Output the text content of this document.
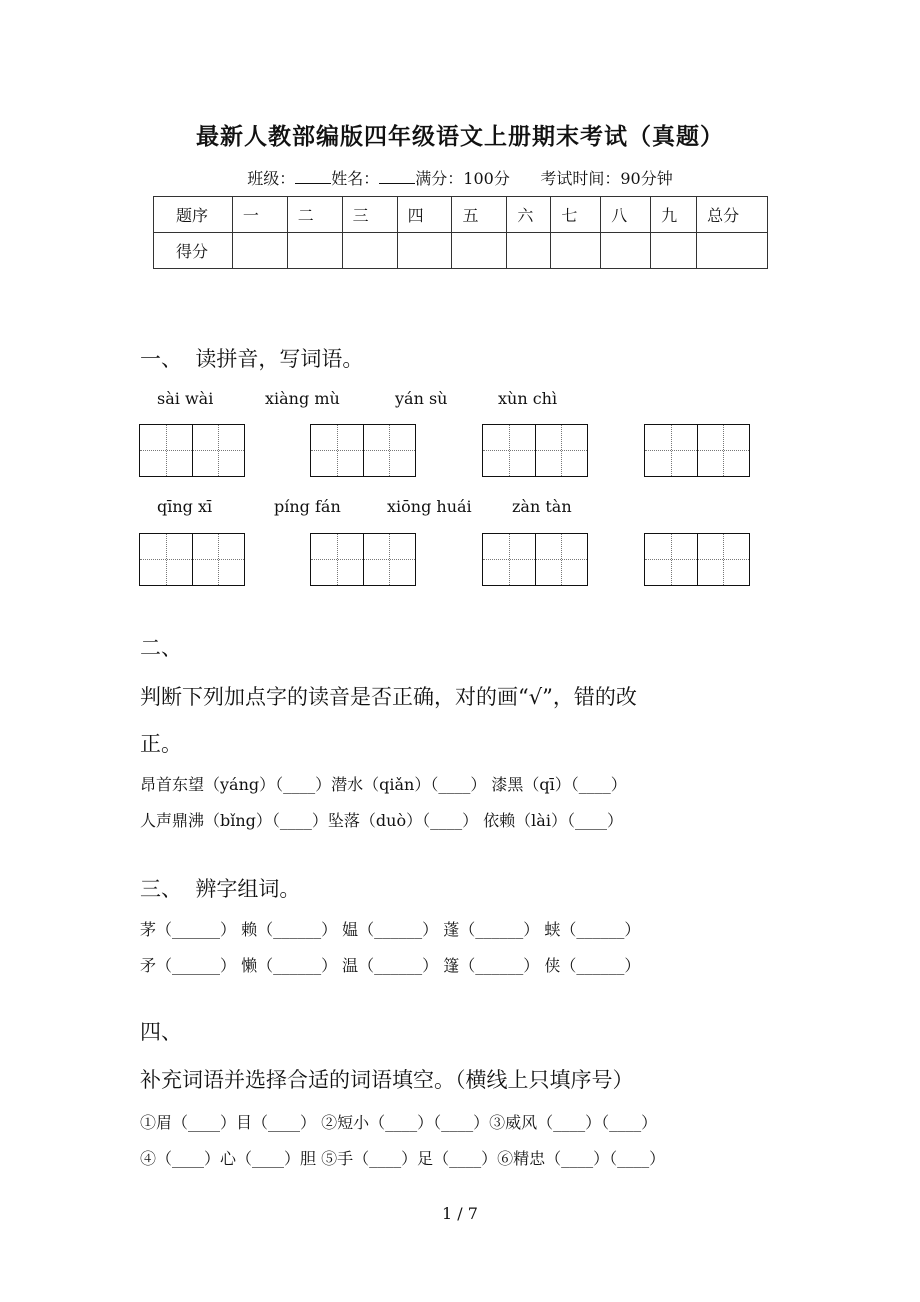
最新人教部编版四年级语文上册期末考试（真题）
班级： 姓名： 满分：100分 考试时间：90分钟
题序	一	二	三	四	五	六	七	八	九	总分
得分										
一、  读拼音，写词语。
sài wài	xiàng mù	yán sù	xùn chì
qīng xī	píng fán	xiōng huái	zàn tàn
二、
判断下列加点字的读音是否正确，对的画“√”，错的改
正。
昂首东望（yáng）（____）潜水（qiǎn）（____） 漆黑（qī）（____）
人声鼎沸（bǐng）（____）坠落（duò）（____） 依赖（lài）（____）
三、  辨字组词。
茅（______） 赖（______） 媪（______） 蓬（______） 蛱（______）
矛（______） 懒（______） 温（______） 篷（______） 侠（______）
四、
补充词语并选择合适的词语填空。（横线上只填序号）
①眉（____）目（____） ②短小（____）（____）③威风（____）（____）
④（____）心（____）胆 ⑤手（____）足（____）⑥精忠（____）（____）
1 / 7
